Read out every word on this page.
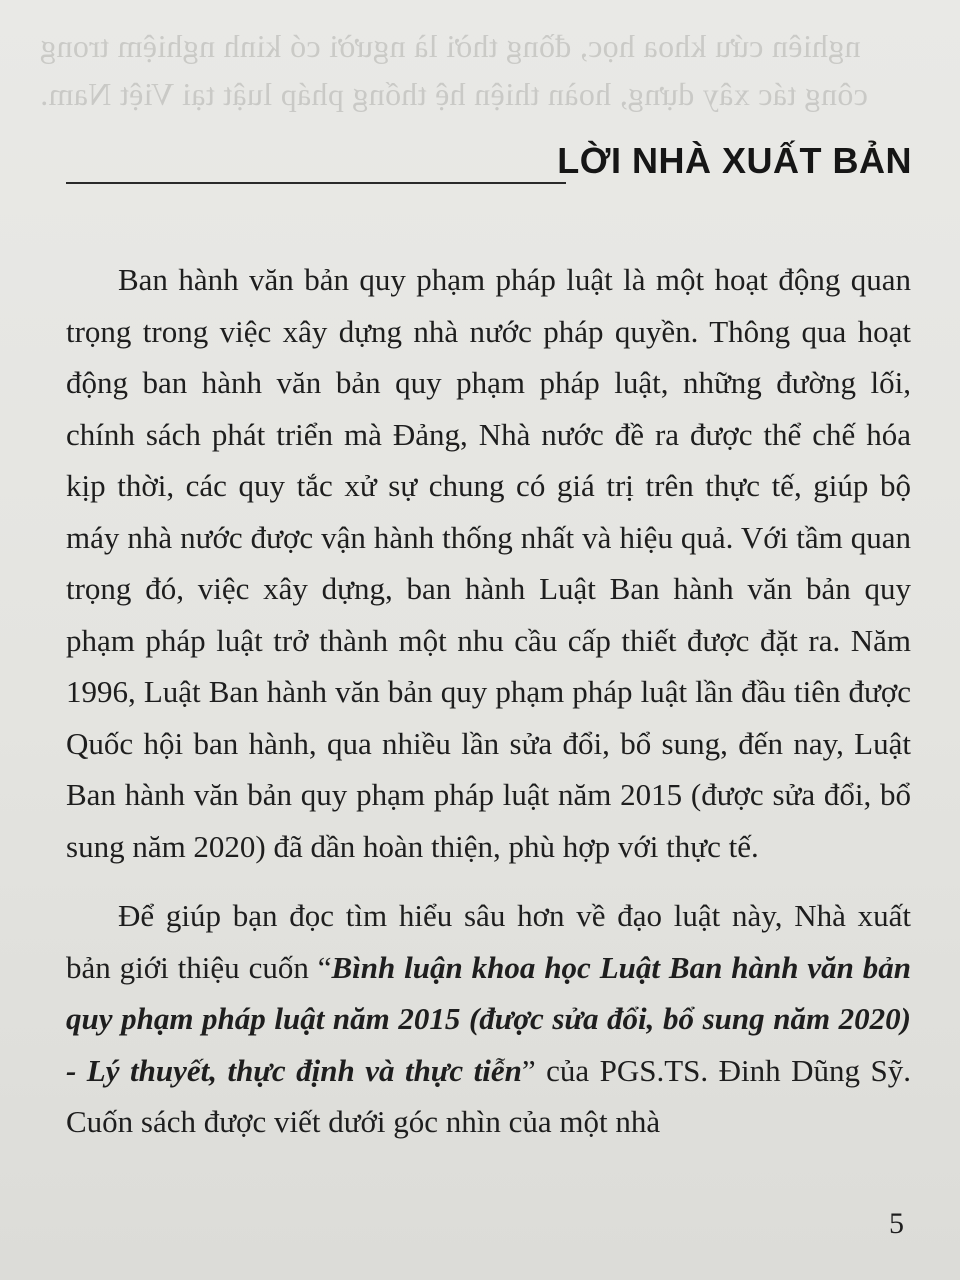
nghiên cứu khoa học, đồng thời là người có kinh nghiệm trong
công tác xây dựng, hoàn thiện hệ thống pháp luật tại Việt Nam.
LỜI NHÀ XUẤT BẢN

Ban hành văn bản quy phạm pháp luật là một hoạt động quan trọng trong việc xây dựng nhà nước pháp quyền. Thông qua hoạt động ban hành văn bản quy phạm pháp luật, những đường lối, chính sách phát triển mà Đảng, Nhà nước đề ra được thể chế hóa kịp thời, các quy tắc xử sự chung có giá trị trên thực tế, giúp bộ máy nhà nước được vận hành thống nhất và hiệu quả. Với tầm quan trọng đó, việc xây dựng, ban hành Luật Ban hành văn bản quy phạm pháp luật trở thành một nhu cầu cấp thiết được đặt ra. Năm 1996, Luật Ban hành văn bản quy phạm pháp luật lần đầu tiên được Quốc hội ban hành, qua nhiều lần sửa đổi, bổ sung, đến nay, Luật Ban hành văn bản quy phạm pháp luật năm 2015 (được sửa đổi, bổ sung năm 2020) đã dần hoàn thiện, phù hợp với thực tế.

Để giúp bạn đọc tìm hiểu sâu hơn về đạo luật này, Nhà xuất bản giới thiệu cuốn “Bình luận khoa học Luật Ban hành văn bản quy phạm pháp luật năm 2015 (được sửa đổi, bổ sung năm 2020) - Lý thuyết, thực định và thực tiễn” của PGS.TS. Đinh Dũng Sỹ. Cuốn sách được viết dưới góc nhìn của một nhà

5
